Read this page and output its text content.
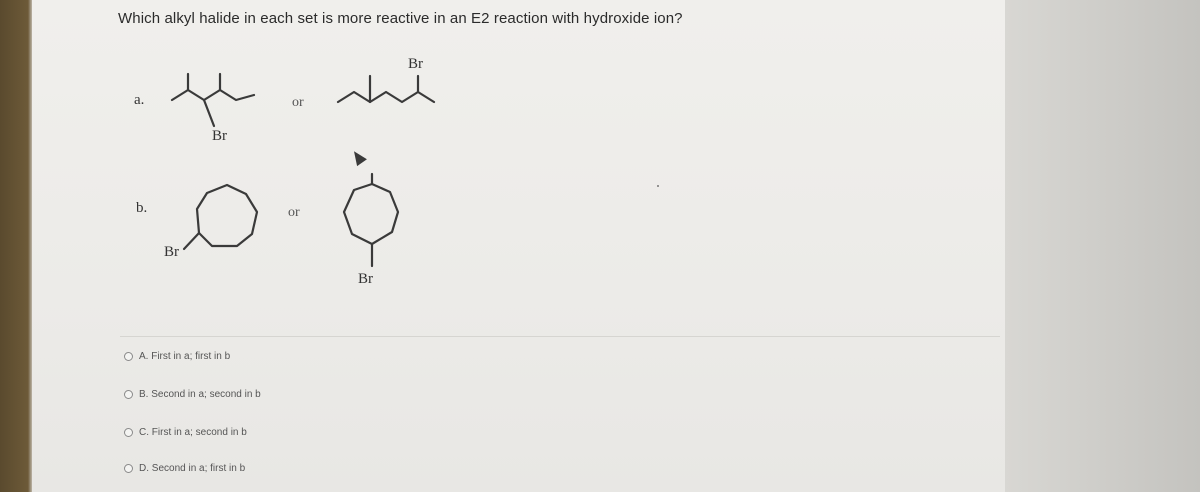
Which alkyl halide in each set is more reactive in an E2 reaction with hydroxide ion?
a.
Br
or
Br
b.
Br
or
Br
A. First in a; first in b
B. Second in a; second in b
C. First in a; second in b
D. Second in a; first in b
